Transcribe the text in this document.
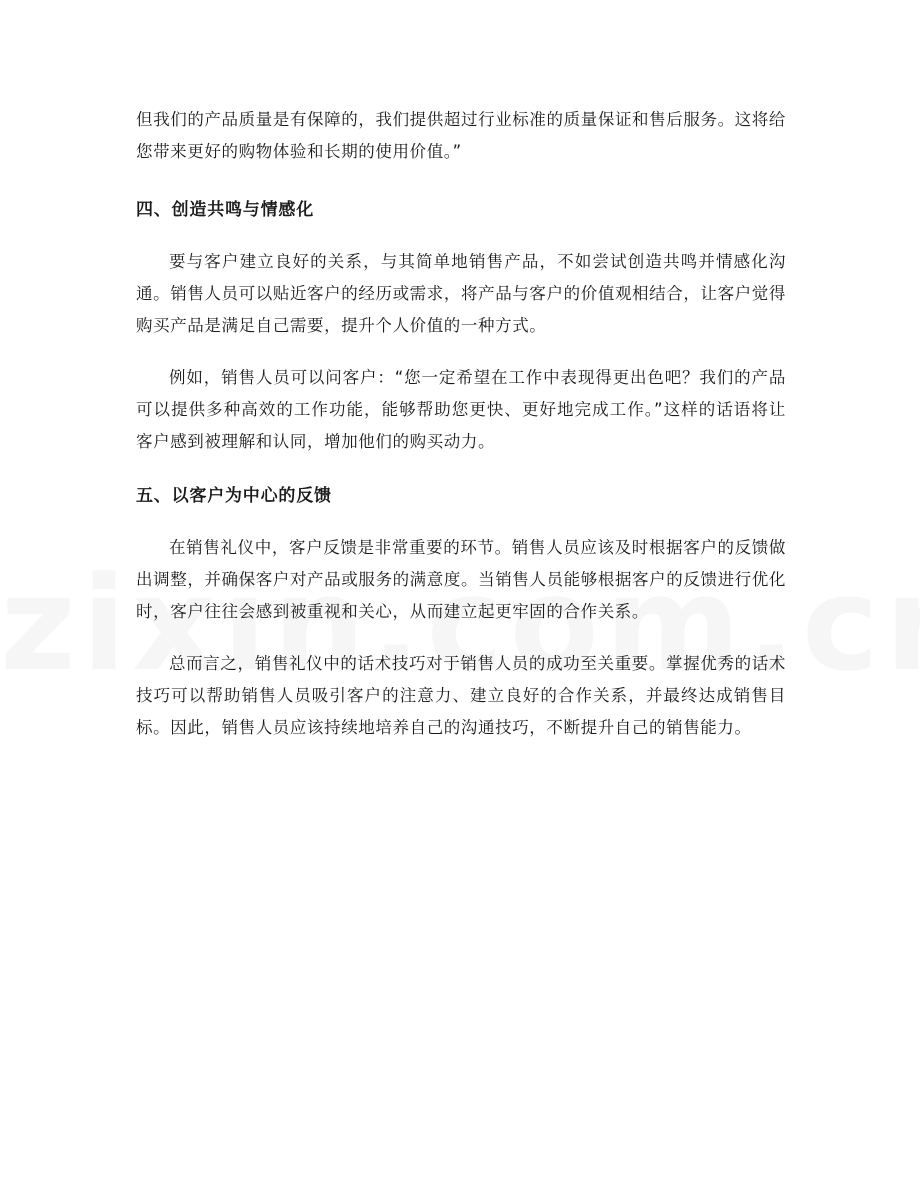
但我们的产品质量是有保障的，我们提供超过行业标准的质量保证和售后服务。这将给您带来更好的购物体验和长期的使用价值。”

四、创造共鸣与情感化

要与客户建立良好的关系，与其简单地销售产品，不如尝试创造共鸣并情感化沟通。销售人员可以贴近客户的经历或需求，将产品与客户的价值观相结合，让客户觉得购买产品是满足自己需要，提升个人价值的一种方式。

例如，销售人员可以问客户：“您一定希望在工作中表现得更出色吧？我们的产品可以提供多种高效的工作功能，能够帮助您更快、更好地完成工作。”这样的话语将让客户感到被理解和认同，增加他们的购买动力。

五、以客户为中心的反馈

在销售礼仪中，客户反馈是非常重要的环节。销售人员应该及时根据客户的反馈做出调整，并确保客户对产品或服务的满意度。当销售人员能够根据客户的反馈进行优化时，客户往往会感到被重视和关心，从而建立起更牢固的合作关系。

总而言之，销售礼仪中的话术技巧对于销售人员的成功至关重要。掌握优秀的话术技巧可以帮助销售人员吸引客户的注意力、建立良好的合作关系，并最终达成销售目标。因此，销售人员应该持续地培养自己的沟通技巧，不断提升自己的销售能力。
